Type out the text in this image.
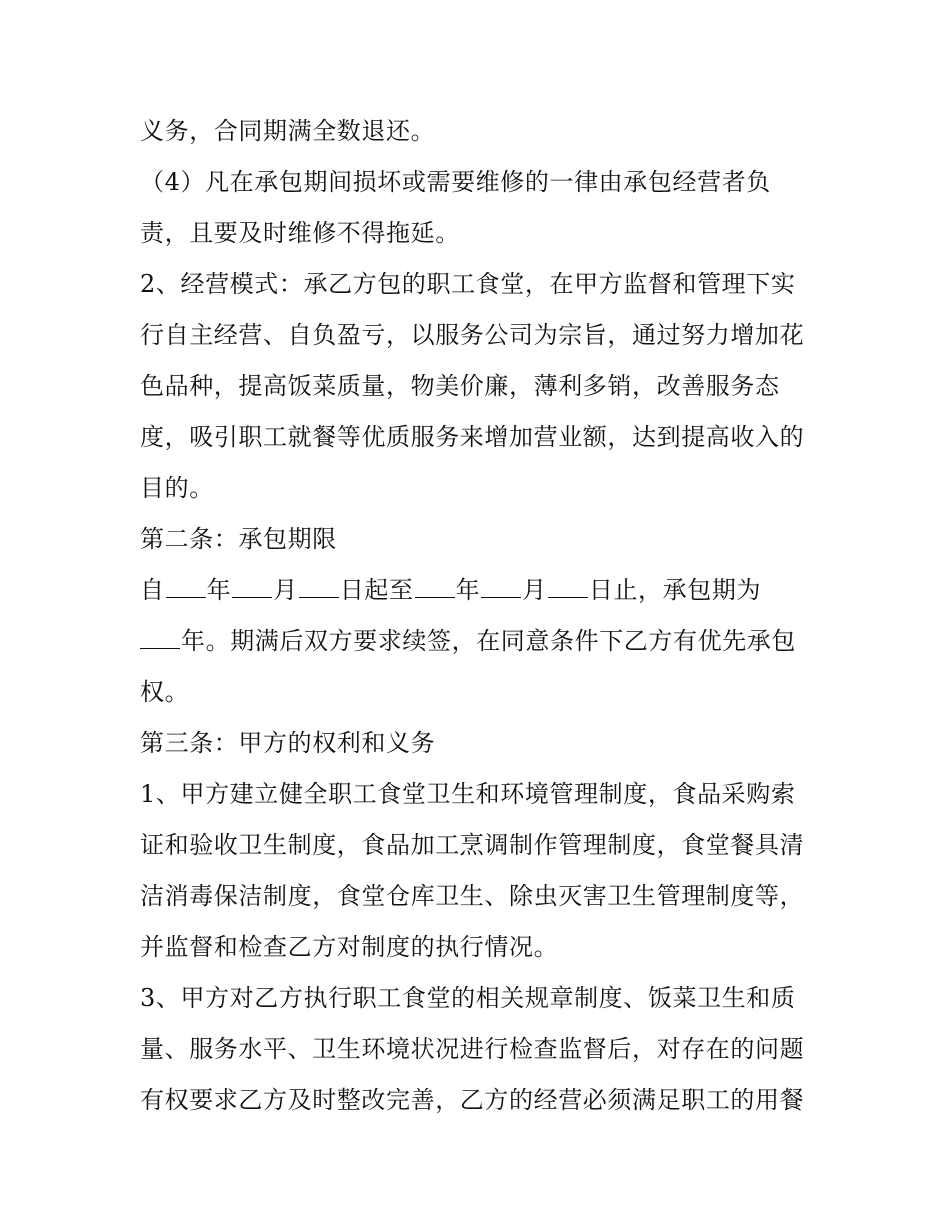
义务，合同期满全数退还。
（4）凡在承包期间损坏或需要维修的一律由承包经营者负
责，且要及时维修不得拖延。
2、经营模式：承乙方包的职工食堂，在甲方监督和管理下实
行自主经营、自负盈亏，以服务公司为宗旨，通过努力增加花
色品种，提高饭菜质量，物美价廉，薄利多销，改善服务态
度，吸引职工就餐等优质服务来增加营业额，达到提高收入的
目的。
第二条：承包期限
自 年 月 日起至 年 月 日止，承包期为
年。期满后双方要求续签，在同意条件下乙方有优先承包
权。
第三条：甲方的权利和义务
1、甲方建立健全职工食堂卫生和环境管理制度，食品采购索
证和验收卫生制度，食品加工烹调制作管理制度，食堂餐具清
洁消毒保洁制度，食堂仓库卫生、除虫灭害卫生管理制度等，
并监督和检查乙方对制度的执行情况。
3、甲方对乙方执行职工食堂的相关规章制度、饭菜卫生和质
量、服务水平、卫生环境状况进行检查监督后，对存在的问题
有权要求乙方及时整改完善，乙方的经营必须满足职工的用餐
